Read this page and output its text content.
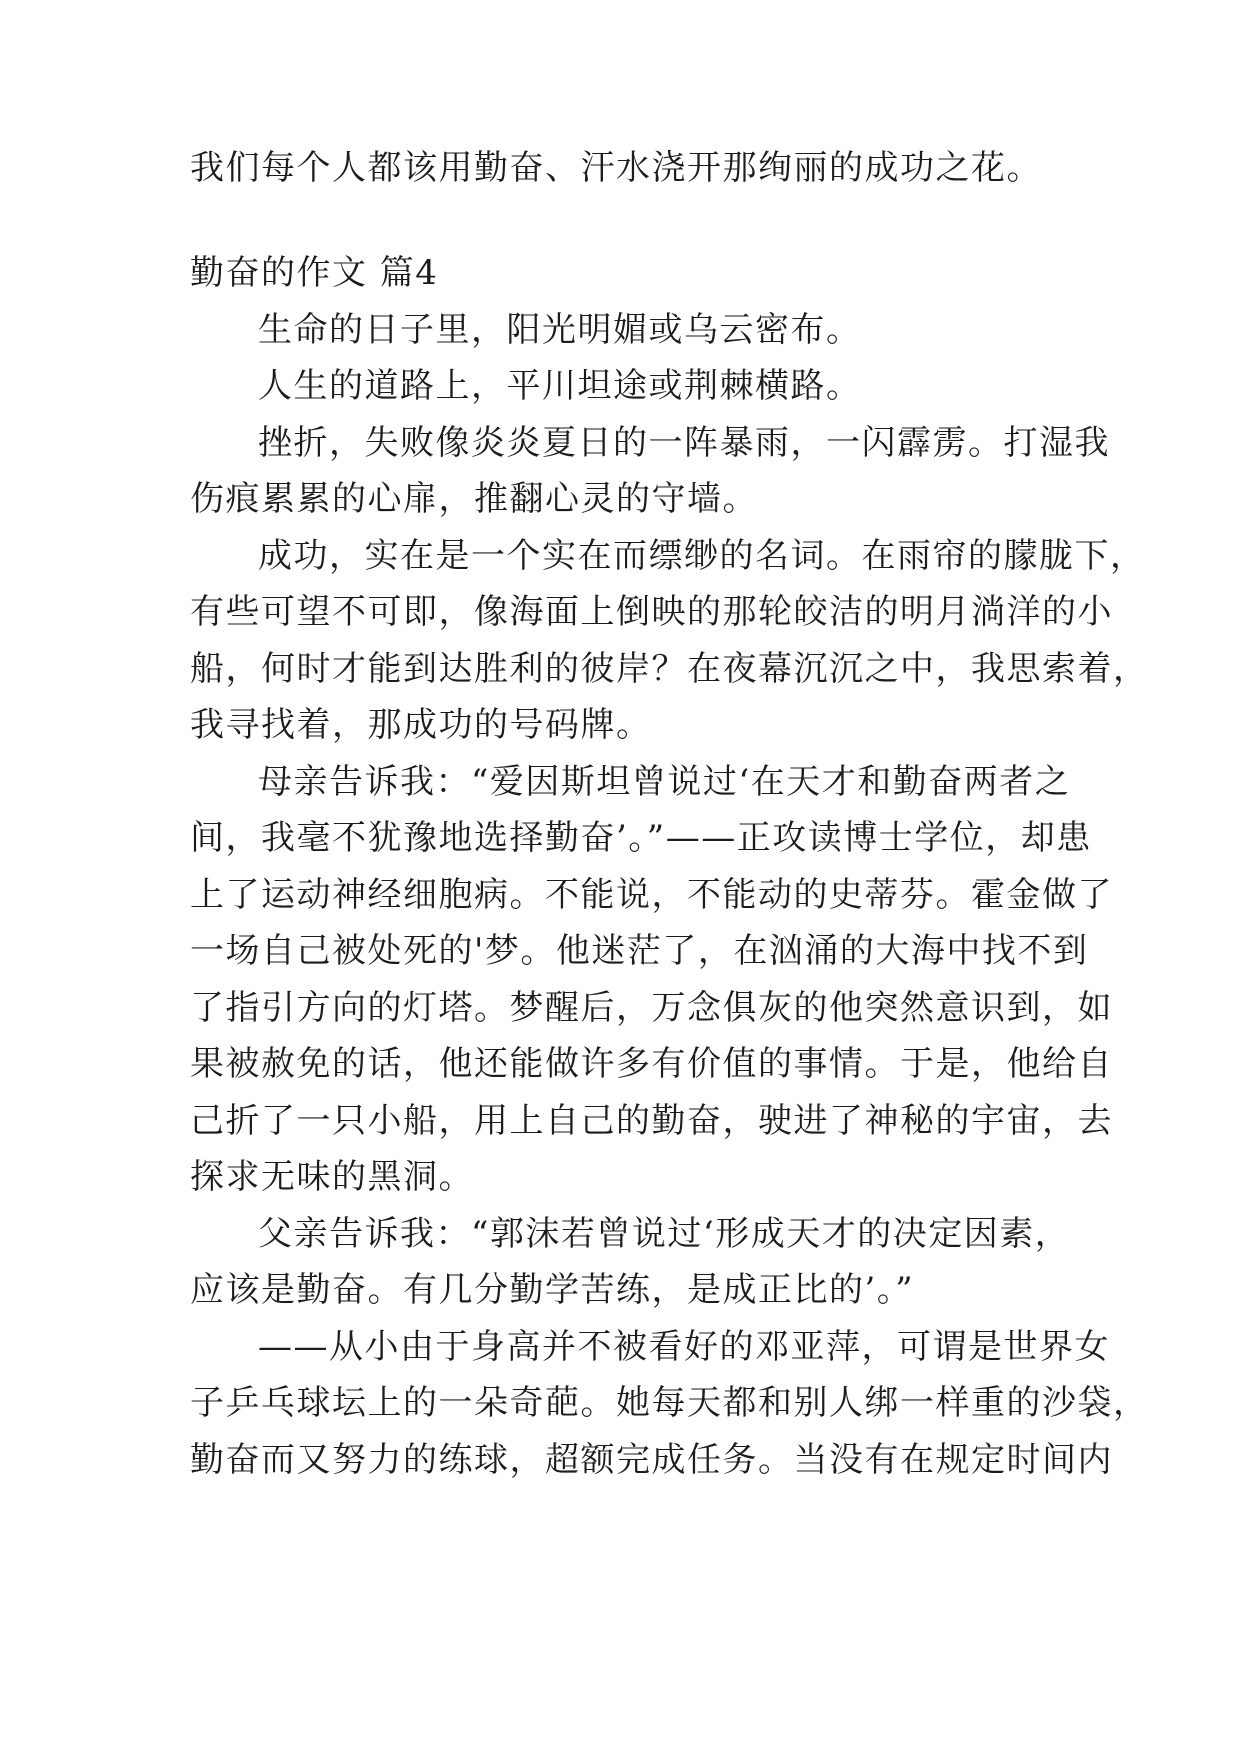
我们每个人都该用勤奋、汗水浇开那绚丽的成功之花。
勤奋的作文 篇4
生命的日子里，阳光明媚或乌云密布。
人生的道路上，平川坦途或荆棘横路。
挫折，失败像炎炎夏日的一阵暴雨，一闪霹雳。打湿我
伤痕累累的心扉，推翻心灵的守墙。
成功，实在是一个实在而缥缈的名词。在雨帘的朦胧下，
有些可望不可即，像海面上倒映的那轮皎洁的明月淌洋的小
船，何时才能到达胜利的彼岸？在夜幕沉沉之中，我思索着，
我寻找着，那成功的号码牌。
母亲告诉我：“爱因斯坦曾说过‘在天才和勤奋两者之
间，我毫不犹豫地选择勤奋’。”——正攻读博士学位，却患
上了运动神经细胞病。不能说，不能动的史蒂芬。霍金做了
一场自己被处死的'梦。他迷茫了，在汹涌的大海中找不到
了指引方向的灯塔。梦醒后，万念俱灰的他突然意识到，如
果被赦免的话，他还能做许多有价值的事情。于是，他给自
己折了一只小船，用上自己的勤奋，驶进了神秘的宇宙，去
探求无味的黑洞。
父亲告诉我：“郭沫若曾说过‘形成天才的决定因素，
应该是勤奋。有几分勤学苦练，是成正比的’。”
——从小由于身高并不被看好的邓亚萍，可谓是世界女
子乒乓球坛上的一朵奇葩。她每天都和别人绑一样重的沙袋，
勤奋而又努力的练球，超额完成任务。当没有在规定时间内
